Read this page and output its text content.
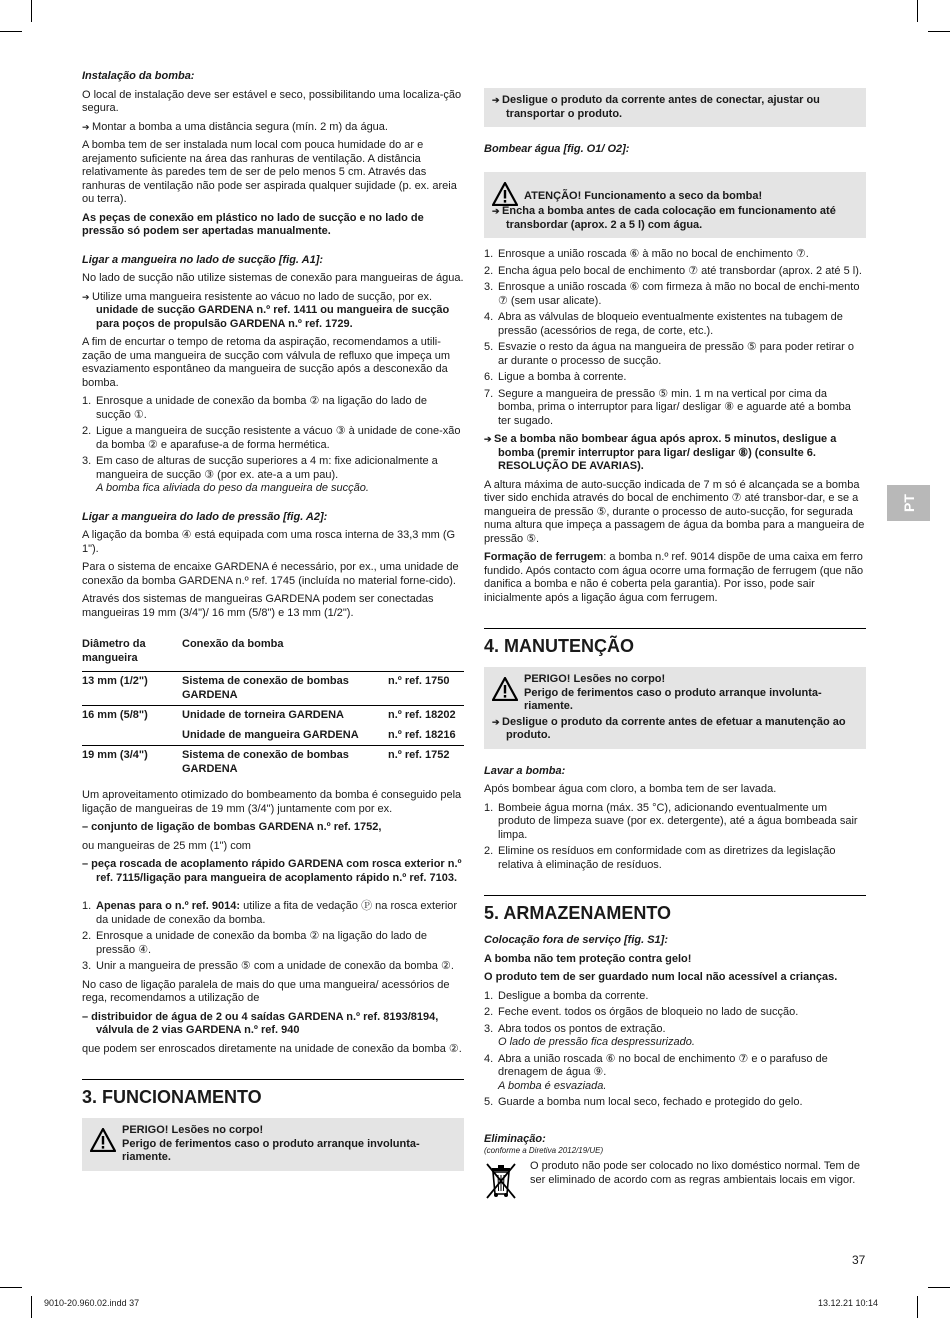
Instalação da bomba:

O local de instalação deve ser estável e seco, possibilitando uma localiza-ção segura.

➔ Montar a bomba a uma distância segura (mín. 2 m) da água.

A bomba tem de ser instalada num local com pouca humidade do ar e arejamento suficiente na área das ranhuras de ventilação. A distância relativamente às paredes tem de ser de pelo menos 5 cm. Através das ranhuras de ventilação não pode ser aspirada qualquer sujidade (p. ex. areia ou terra).

As peças de conexão em plástico no lado de sucção e no lado de pressão só podem ser apertadas manualmente.

Ligar a mangueira no lado de sucção [fig. A1]:

No lado de sucção não utilize sistemas de conexão para mangueiras de água.

➔ Utilize uma mangueira resistente ao vácuo no lado de sucção, por ex. unidade de sucção GARDENA n.º ref. 1411 ou mangueira de sucção para poços de propulsão GARDENA n.º ref. 1729.

A fim de encurtar o tempo de retoma da aspiração, recomendamos a utili-zação de uma mangueira de sucção com válvula de refluxo que impeça um esvaziamento espontâneo da mangueira de sucção após a desconexão da bomba.

1. Enrosque a unidade de conexão da bomba ② na ligação do lado de sucção ①.
2. Ligue a mangueira de sucção resistente a vácuo ③ à unidade de cone-xão da bomba ② e aparafuse-a de forma hermética.
3. Em caso de alturas de sucção superiores a 4 m: fixe adicionalmente a mangueira de sucção ③ (por ex. ate-a a um pau).
A bomba fica aliviada do peso da mangueira de sucção.
Ligar a mangueira do lado de pressão [fig. A2]:

A ligação da bomba ④ está equipada com uma rosca interna de 33,3 mm (G 1").

Para o sistema de encaixe GARDENA é necessário, por ex., uma unidade de conexão da bomba GARDENA n.º ref. 1745 (incluída no material forne-cido).

Através dos sistemas de mangueiras GARDENA podem ser conectadas mangueiras 19 mm (3/4")/ 16 mm (5/8") e 13 mm (1/2").

Diâmetro da mangueira	Conexão da bomba	
13 mm (1/2")	Sistema de conexão de bombas GARDENA	n.º ref. 1750
16 mm (5/8")	Unidade de torneira GARDENA	n.º ref. 18202
	Unidade de mangueira GARDENA	n.º ref. 18216
19 mm (3/4")	Sistema de conexão de bombas GARDENA	n.º ref. 1752

Um aproveitamento otimizado do bombeamento da bomba é conseguido pela ligação de mangueiras de 19 mm (3/4") juntamente com por ex.

– conjunto de ligação de bombas GARDENA n.º ref. 1752,

ou mangueiras de 25 mm (1") com

– peça roscada de acoplamento rápido GARDENA com rosca exterior n.º ref. 7115/ligação para mangueira de acoplamento rápido n.º ref. 7103.
1. Apenas para o n.º ref. 9014: utilize a fita de vedação Ⓟ na rosca exterior da unidade de conexão da bomba.
2. Enrosque a unidade de conexão da bomba ② na ligação do lado de pressão ④.
3. Unir a mangueira de pressão ⑤ com a unidade de conexão da bomba ②.

No caso de ligação paralela de mais do que uma mangueira/ acessórios de rega, recomendamos a utilização de

– distribuidor de água de 2 ou 4 saídas GARDENA n.º ref. 8193/8194, válvula de 2 vias GARDENA n.º ref. 940

que podem ser enroscados diretamente na unidade de conexão da bomba ②.

3. FUNCIONAMENTO
PERIGO! Lesões no corpo!
Perigo de ferimentos caso o produto arranque involunta-riamente.
➔ Desligue o produto da corrente antes de conectar, ajustar ou transportar o produto.
Bombear água [fig. O1/ O2]:
ATENÇÃO! Funcionamento a seco da bomba!
➔ Encha a bomba antes de cada colocação em funcionamento até transbordar (aprox. 2 a 5 l) com água.
1. Enrosque a união roscada ⑥ à mão no bocal de enchimento ⑦.
2. Encha água pelo bocal de enchimento ⑦ até transbordar (aprox. 2 até 5 l).
3. Enrosque a união roscada ⑥ com firmeza à mão no bocal de enchi-mento ⑦ (sem usar alicate).
4. Abra as válvulas de bloqueio eventualmente existentes na tubagem de pressão (acessórios de rega, de corte, etc.).
5. Esvazie o resto da água na mangueira de pressão ⑤ para poder retirar o ar durante o processo de sucção.
6. Ligue a bomba à corrente.
7. Segure a mangueira de pressão ⑤ min. 1 m na vertical por cima da bomba, prima o interruptor para ligar/ desligar ⑧ e aguarde até a bomba ter sugado.
➔ Se a bomba não bombear água após aprox. 5 minutos, desligue a bomba (premir interruptor para ligar/ desligar ⑧) (consulte 6. RESOLUÇÃO DE AVARIAS).

A altura máxima de auto-sucção indicada de 7 m só é alcançada se a bomba tiver sido enchida através do bocal de enchimento ⑦ até transbor-dar, e se a mangueira de pressão ⑤, durante o processo de auto-sucção, for segurada numa altura que impeça a passagem de água da bomba para a mangueira de pressão ⑤.

Formação de ferrugem: a bomba n.º ref. 9014 dispõe de uma caixa em ferro fundido. Após contacto com água ocorre uma formação de ferrugem (que não danifica a bomba e não é coberta pela garantia). Por isso, pode sair inicialmente após a ligação água com ferrugem.

4. MANUTENÇÃO
PERIGO! Lesões no corpo!
Perigo de ferimentos caso o produto arranque involunta-riamente.
➔ Desligue o produto da corrente antes de efetuar a manutenção ao produto.
Lavar a bomba:

Após bombear água com cloro, a bomba tem de ser lavada.

1. Bombeie água morna (máx. 35 °C), adicionando eventualmente um produto de limpeza suave (por ex. detergente), até a água bombeada sair limpa.
2. Elimine os resíduos em conformidade com as diretrizes da legislação relativa à eliminação de resíduos.
5. ARMAZENAMENTO
Colocação fora de serviço [fig. S1]:

A bomba não tem proteção contra gelo!

O produto tem de ser guardado num local não acessível a crianças.

1. Desligue a bomba da corrente.
2. Feche event. todos os órgãos de bloqueio no lado de sucção.
3. Abra todos os pontos de extração.
O lado de pressão fica despressurizado.
4. Abra a união roscada ⑥ no bocal de enchimento ⑦ e o parafuso de drenagem de água ⑨.
A bomba é esvaziada.
5. Guarde a bomba num local seco, fechado e protegido do gelo.
Eliminação:
(conforme a Diretiva 2012/19/UE)
O produto não pode ser colocado no lixo doméstico normal. Tem de ser eliminado de acordo com as regras ambientais locais em vigor.
PT
37
9010-20.960.02.indd 37	13.12.21 10:14
